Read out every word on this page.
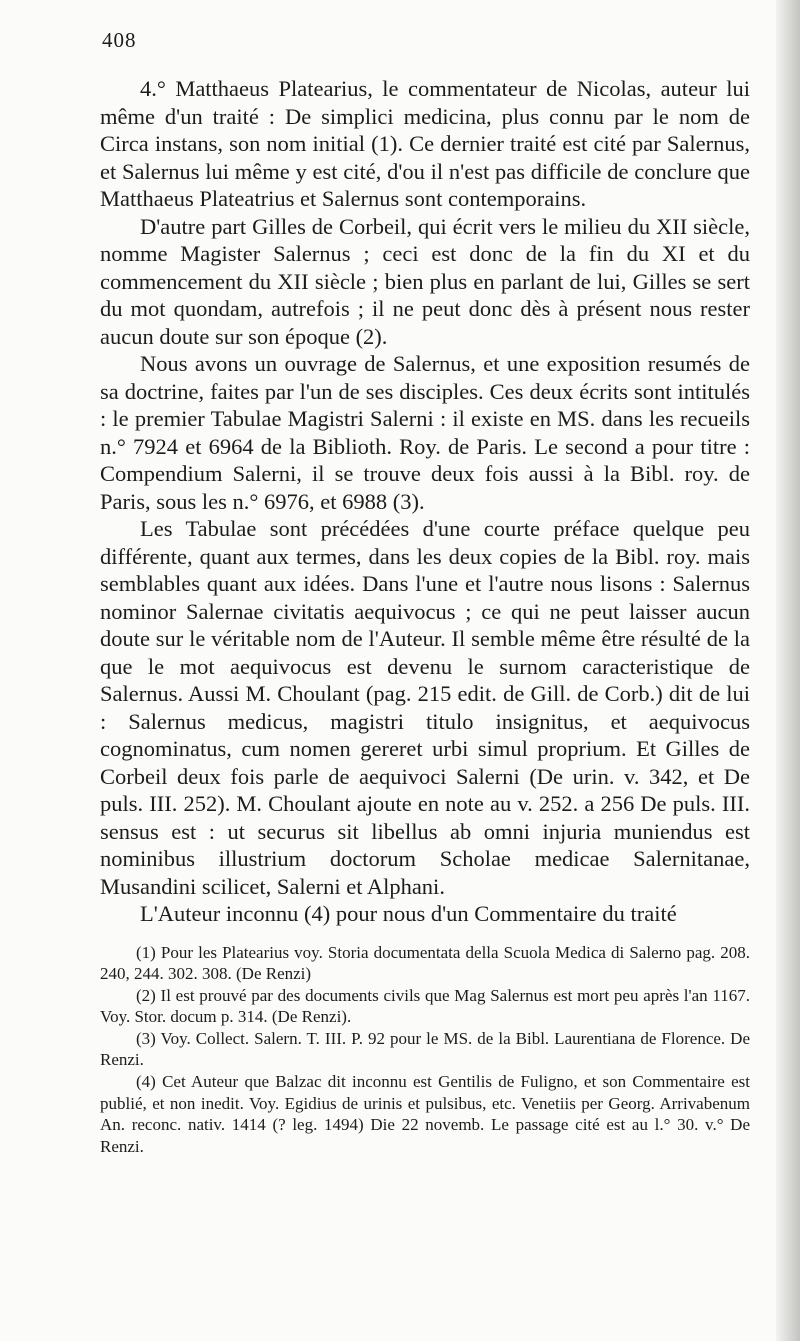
408

4.° Matthaeus Platearius, le commentateur de Nicolas, auteur lui même d'un traité : De simplici medicina, plus connu par le nom de Circa instans, son nom initial (1). Ce dernier traité est cité par Salernus, et Salernus lui même y est cité, d'ou il n'est pas difficile de conclure que Matthaeus Plateatrius et Salernus sont contemporains.

D'autre part Gilles de Corbeil, qui écrit vers le milieu du XII siècle, nomme Magister Salernus ; ceci est donc de la fin du XI et du commencement du XII siècle ; bien plus en parlant de lui, Gilles se sert du mot quondam, autrefois ; il ne peut donc dès à présent nous rester aucun doute sur son époque (2).

Nous avons un ouvrage de Salernus, et une exposition resumés de sa doctrine, faites par l'un de ses disciples. Ces deux écrits sont intitulés : le premier Tabulae Magistri Salerni : il existe en MS. dans les recueils n.° 7924 et 6964 de la Biblioth. Roy. de Paris. Le second a pour titre : Compendium Salerni, il se trouve deux fois aussi à la Bibl. roy. de Paris, sous les n.° 6976, et 6988 (3).

Les Tabulae sont précédées d'une courte préface quelque peu différente, quant aux termes, dans les deux copies de la Bibl. roy. mais semblables quant aux idées. Dans l'une et l'autre nous lisons : Salernus nominor Salernae civitatis aequivocus ; ce qui ne peut laisser aucun doute sur le véritable nom de l'Auteur. Il semble même être résulté de la que le mot aequivocus est devenu le surnom caracteristique de Salernus. Aussi M. Choulant (pag. 215 edit. de Gill. de Corb.) dit de lui : Salernus medicus, magistri titulo insignitus, et aequivocus cognominatus, cum nomen gereret urbi simul proprium. Et Gilles de Corbeil deux fois parle de aequivoci Salerni (De urin. v. 342, et De puls. III. 252). M. Choulant ajoute en note au v. 252. a 256 De puls. III. sensus est : ut securus sit libellus ab omni injuria muniendus est nominibus illustrium doctorum Scholae medicae Salernitanae, Musandini scilicet, Salerni et Alphani.

L'Auteur inconnu (4) pour nous d'un Commentaire du traité

(1) Pour les Platearius voy. Storia documentata della Scuola Medica di Salerno pag. 208. 240, 244. 302. 308. (De Renzi)

(2) Il est prouvé par des documents civils que Mag Salernus est mort peu après l'an 1167. Voy. Stor. docum p. 314. (De Renzi).

(3) Voy. Collect. Salern. T. III. P. 92 pour le MS. de la Bibl. Laurentiana de Florence. De Renzi.

(4) Cet Auteur que Balzac dit inconnu est Gentilis de Fuligno, et son Commentaire est publié, et non inedit. Voy. Egidius de urinis et pulsibus, etc. Venetiis per Georg. Arrivabenum An. reconc. nativ. 1414 (? leg. 1494) Die 22 novemb. Le passage cité est au l.° 30. v.° De Renzi.
